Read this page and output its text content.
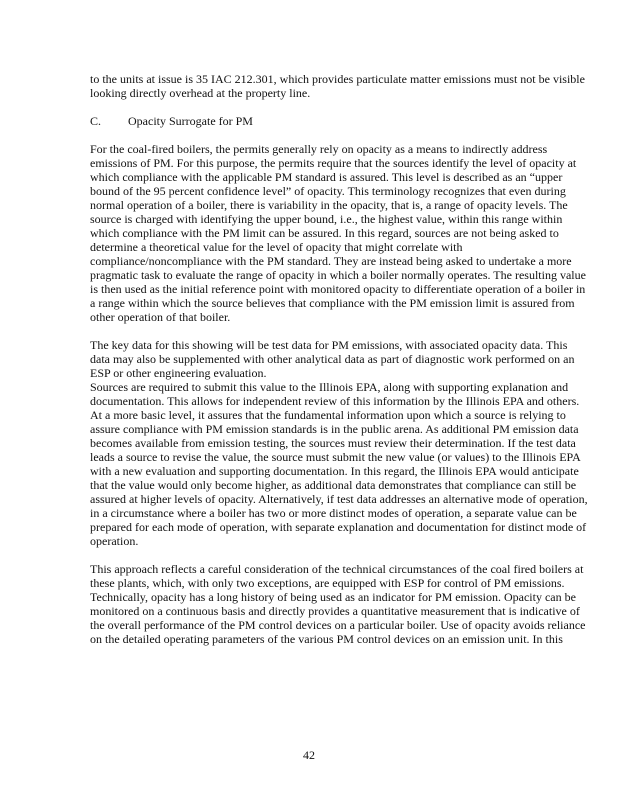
to the units at issue is 35 IAC 212.301, which provides particulate matter emissions must not be visible looking directly overhead at the property line.

C.	Opacity Surrogate for PM

For the coal-fired boilers, the permits generally rely on opacity as a means to indirectly address emissions of PM. For this purpose, the permits require that the sources identify the level of opacity at which compliance with the applicable PM standard is assured. This level is described as an “upper bound of the 95 percent confidence level” of opacity. This terminology recognizes that even during normal operation of a boiler, there is variability in the opacity, that is, a range of opacity levels. The source is charged with identifying the upper bound, i.e., the highest value, within this range within which compliance with the PM limit can be assured. In this regard, sources are not being asked to determine a theoretical value for the level of opacity that might correlate with compliance/noncompliance with the PM standard. They are instead being asked to undertake a more pragmatic task to evaluate the range of opacity in which a boiler normally operates. The resulting value is then used as the initial reference point with monitored opacity to differentiate operation of a boiler in a range within which the source believes that compliance with the PM emission limit is assured from other operation of that boiler.

The key data for this showing will be test data for PM emissions, with associated opacity data. This data may also be supplemented with other analytical data as part of diagnostic work performed on an ESP or other engineering evaluation.

Sources are required to submit this value to the Illinois EPA, along with supporting explanation and documentation. This allows for independent review of this information by the Illinois EPA and others. At a more basic level, it assures that the fundamental information upon which a source is relying to assure compliance with PM emission standards is in the public arena. As additional PM emission data becomes available from emission testing, the sources must review their determination. If the test data leads a source to revise the value, the source must submit the new value (or values) to the Illinois EPA with a new evaluation and supporting documentation. In this regard, the Illinois EPA would anticipate that the value would only become higher, as additional data demonstrates that compliance can still be assured at higher levels of opacity. Alternatively, if test data addresses an alternative mode of operation, in a circumstance where a boiler has two or more distinct modes of operation, a separate value can be prepared for each mode of operation, with separate explanation and documentation for distinct mode of operation.

This approach reflects a careful consideration of the technical circumstances of the coal fired boilers at these plants, which, with only two exceptions, are equipped with ESP for control of PM emissions. Technically, opacity has a long history of being used as an indicator for PM emission. Opacity can be monitored on a continuous basis and directly provides a quantitative measurement that is indicative of the overall performance of the PM control devices on a particular boiler. Use of opacity avoids reliance on the detailed operating parameters of the various PM control devices on an emission unit. In this

42
